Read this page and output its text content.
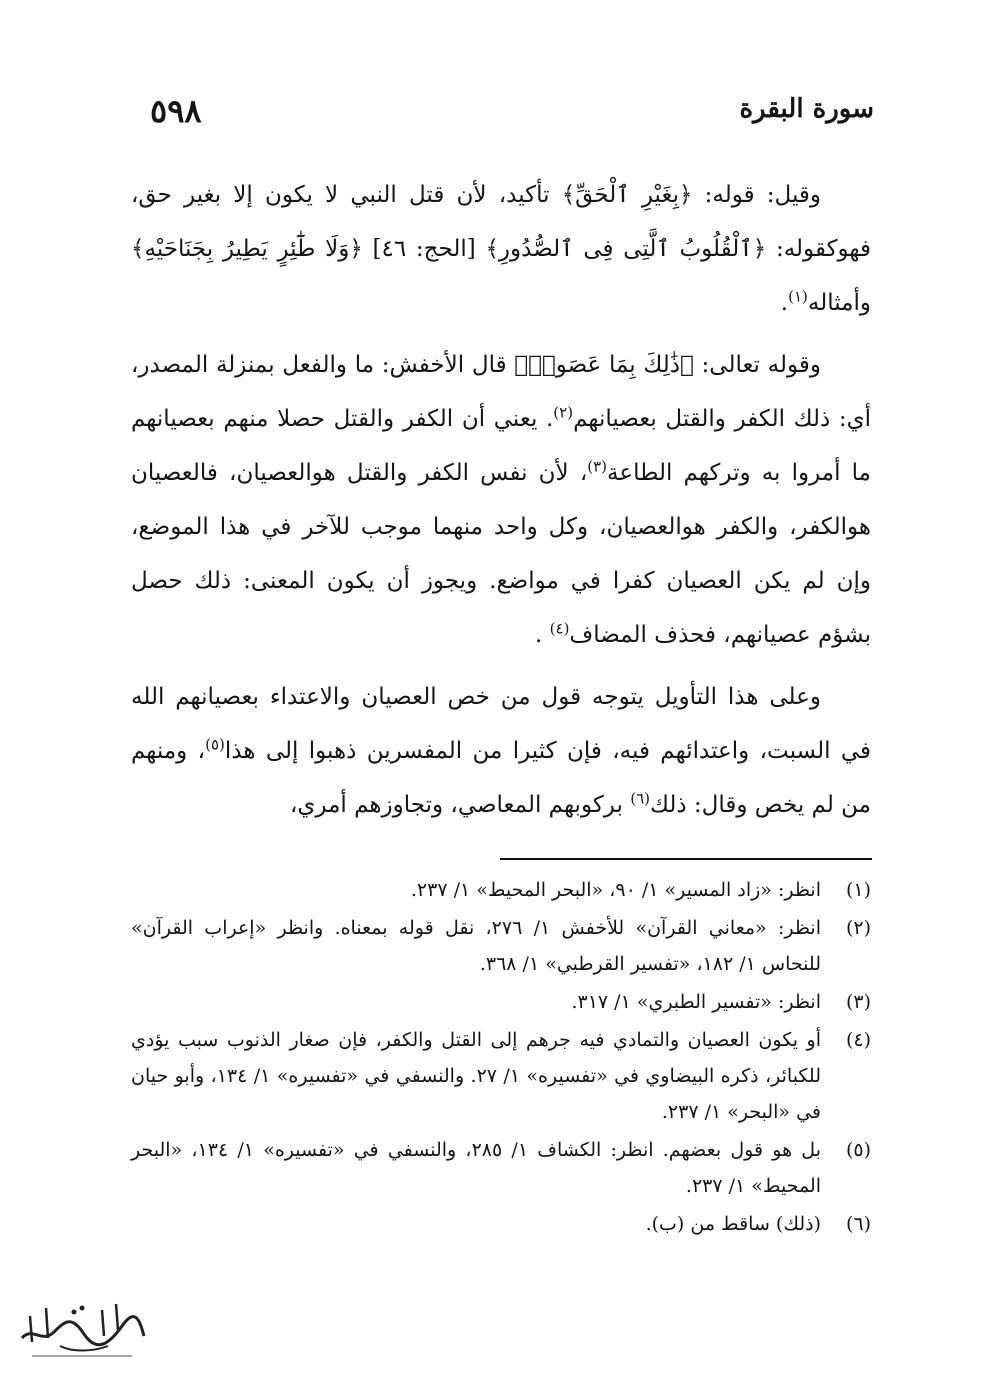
سورة البقرة
٥٩٨

وقيل: قوله: ﴿بِغَيْرِ ٱلْحَقِّ﴾ تأكيد، لأن قتل النبي لا يكون إلا بغير حق، فهوكقوله: ﴿ٱلْقُلُوبُ ٱلَّتِى فِى ٱلصُّدُورِ﴾ [الحج: ٤٦] ﴿وَلَا طَٰٓئِرٍ يَطِيرُ بِجَنَاحَيْهِ﴾ وأمثاله$^{(١)}$.

وقوله تعالى: ﴿ذَٰلِكَ بِمَا عَصَوا۟﴾ قال الأخفش: ما والفعل بمنزلة المصدر، أي: ذلك الكفر والقتل بعصيانهم$^{(٢)}$. يعني أن الكفر والقتل حصلا منهم بعصيانهم ما أمروا به وتركهم الطاعة$^{(٣)}$، لأن نفس الكفر والقتل هوالعصيان، فالعصيان هوالكفر، والكفر هوالعصيان، وكل واحد منهما موجب للآخر في هذا الموضع، وإن لم يكن العصيان كفرا في مواضع. ويجوز أن يكون المعنى: ذلك حصل بشؤم عصيانهم، فحذف المضاف$^{(٤)}$ .

وعلى هذا التأويل يتوجه قول من خص العصيان والاعتداء بعصيانهم الله في السبت، واعتدائهم فيه، فإن كثيرا من المفسرين ذهبوا إلى هذا$^{(٥)}$، ومنهم من لم يخص وقال: ذلك$^{(٦)}$ بركوبهم المعاصي، وتجاوزهم أمري،

(١)
انظر: «زاد المسير» ١/ ٩٠، «البحر المحيط» ١/ ٢٣٧.
(٢)
انظر: «معاني القرآن» للأخفش ١/ ٢٧٦، نقل قوله بمعناه. وانظر «إعراب القرآن» للنحاس ١/ ١٨٢، «تفسير القرطبي» ١/ ٣٦٨.
(٣)
انظر: «تفسير الطبري» ١/ ٣١٧.
(٤)
أو يكون العصيان والتمادي فيه جرهم إلى القتل والكفر، فإن صغار الذنوب سبب يؤدي للكبائر، ذكره البيضاوي في «تفسيره» ١/ ٢٧. والنسفي في «تفسيره» ١/ ١٣٤، وأبو حيان في «البحر» ١/ ٢٣٧.
(٥)
بل هو قول بعضهم. انظر: الكشاف ١/ ٢٨٥، والنسفي في «تفسيره» ١/ ١٣٤، «البحر المحيط» ١/ ٢٣٧.
(٦)
(ذلك) ساقط من (ب).
